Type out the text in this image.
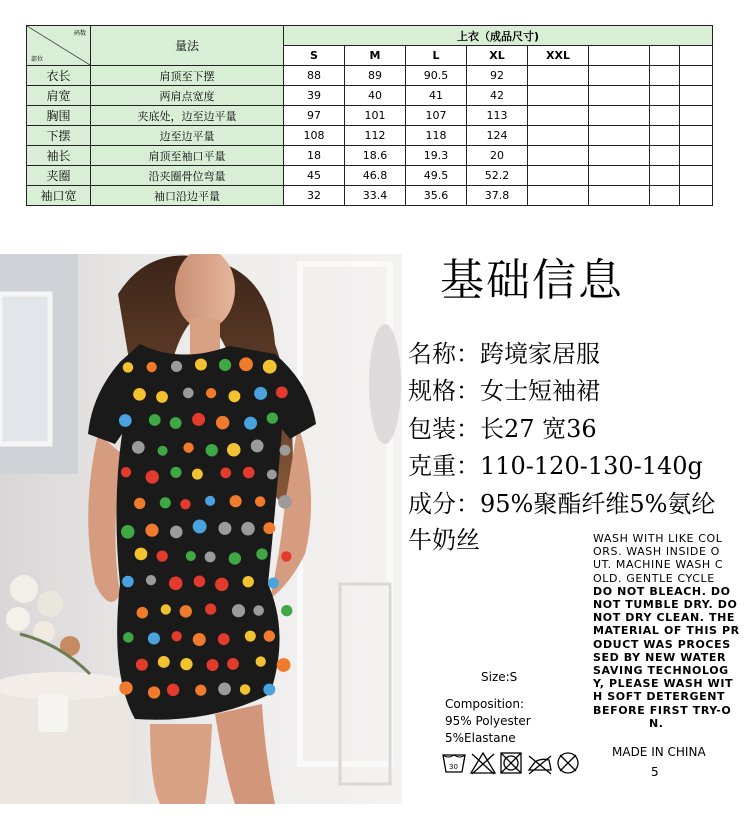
码数
部位	量法	上衣（成品尺寸)							
		S	M	L	XL	XXL			
衣长	肩顶至下摆	88	89	90.5	92				
肩宽	两肩点宽度	39	40	41	42				
胸围	夹底处，边至边平量	97	101	107	113				
下摆	边至边平量	108	112	118	124				
袖长	肩顶至袖口平量	18	18.6	19.3	20				
夹圈	沿夹圈骨位弯量	45	46.8	49.5	52.2				
袖口宽	袖口沿边平量	32	33.4	35.6	37.8				
基础信息
名称：跨境家居服
规格：女士短袖裙
包装：长27 宽36
克重：110-120-130-140g
成分：95%聚酯纤维5%氨纶
牛奶丝	WASH WITH LIKE COL
ORS. WASH INSIDE O
UT. MACHINE WASH C
OLD. GENTLE CYCLE
DO NOT BLEACH. DO
NOT TUMBLE DRY. DO
NOT DRY CLEAN. THE
MATERIAL OF THIS PR
ODUCT WAS PROCES
SED BY NEW WATER
SAVING TECHNOLOG
Y, PLEASE WASH WIT
H SOFT DETERGENT
BEFORE FIRST TRY-O
N.
Size:S
Composition:
95% Polyester
5%Elastane
MADE IN CHINA
5
30
